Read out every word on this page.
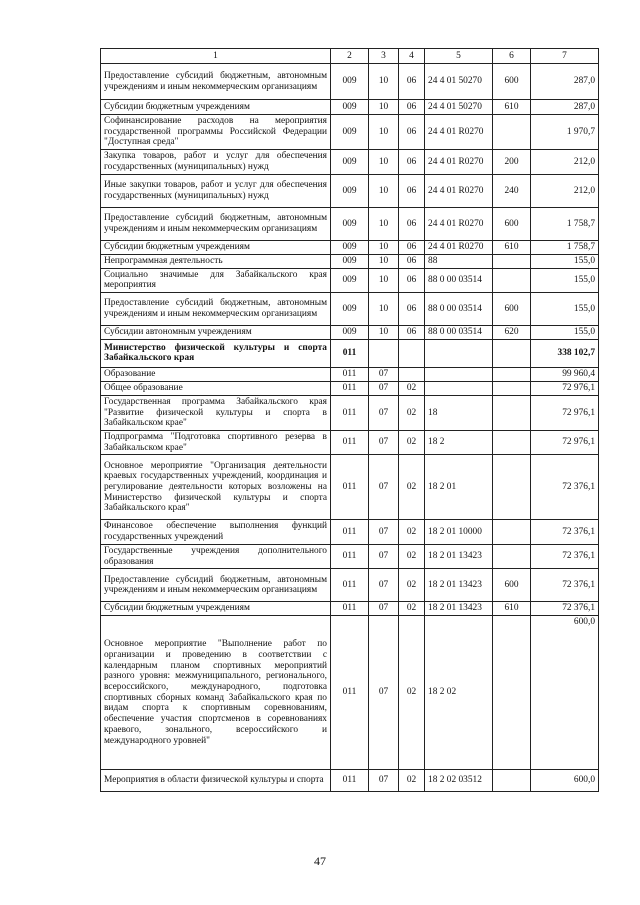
1	2	3	4	5	6	7
Предоставление субсидий бюджетным, автономным учреждениям и иным некоммерческим организациям	009	10	06	24 4 01 50270	600	287,0
Субсидии бюджетным учреждениям	009	10	06	24 4 01 50270	610	287,0
Софинансирование расходов на мероприятия государственной программы Российской Федерации "Доступная среда"	009	10	06	24 4 01 R0270		1 970,7
Закупка товаров, работ и услуг для обеспечения государственных (муниципальных) нужд	009	10	06	24 4 01 R0270	200	212,0
Иные закупки товаров, работ и услуг для обеспечения государственных (муниципальных) нужд	009	10	06	24 4 01 R0270	240	212,0
Предоставление субсидий бюджетным, автономным учреждениям и иным некоммерческим организациям	009	10	06	24 4 01 R0270	600	1 758,7
Субсидии бюджетным учреждениям	009	10	06	24 4 01 R0270	610	1 758,7
Непрограммная деятельность	009	10	06	88		155,0
Социально значимые для Забайкальского края мероприятия	009	10	06	88 0 00 03514		155,0
Предоставление субсидий бюджетным, автономным учреждениям и иным некоммерческим организациям	009	10	06	88 0 00 03514	600	155,0
Субсидии автономным учреждениям	009	10	06	88 0 00 03514	620	155,0
Министерство физической культуры и спорта Забайкальского края	011					338 102,7
Образование	011	07				99 960,4
Общее образование	011	07	02			72 976,1
Государственная программа Забайкальского края "Развитие физической культуры и спорта в Забайкальском крае"	011	07	02	18		72 976,1
Подпрограмма "Подготовка спортивного резерва в Забайкальском крае"	011	07	02	18 2		72 976,1
Основное мероприятие "Организация деятельности краевых государственных учреждений, координация и регулирование деятельности которых возложены на Министерство физической культуры и спорта Забайкальского края"	011	07	02	18 2 01		72 376,1
Финансовое обеспечение выполнения функций государственных учреждений	011	07	02	18 2 01 10000		72 376,1
Государственные учреждения дополнительного образования	011	07	02	18 2 01 13423		72 376,1
Предоставление субсидий бюджетным, автономным учреждениям и иным некоммерческим организациям	011	07	02	18 2 01 13423	600	72 376,1
Субсидии бюджетным учреждениям	011	07	02	18 2 01 13423	610	72 376,1
Основное мероприятие "Выполнение работ по организации и проведению в соответствии с календарным планом спортивных мероприятий разного уровня: межмуниципального, регионального, всероссийского, международного, подготовка спортивных сборных команд Забайкальского края по видам спорта к спортивным соревнованиям, обеспечение участия спортсменов в соревнованиях краевого, зонального, всероссийского и международного уровней"	011	07	02	18 2 02		600,0
Мероприятия в области физической культуры и спорта	011	07	02	18 2 02 03512		600,0
47
